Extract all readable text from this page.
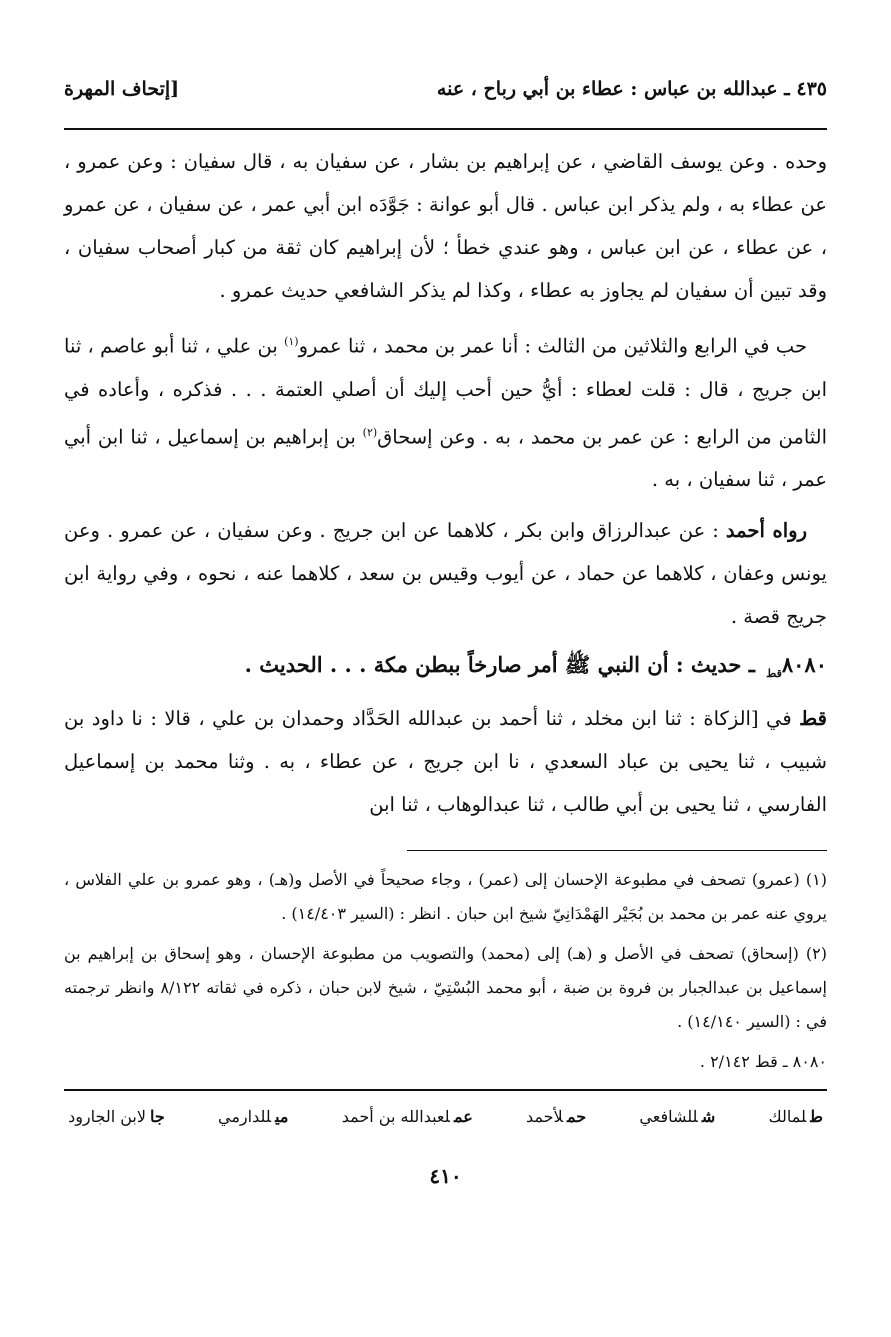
٤٣٥ ـ عبدالله بن عباس : عطاء بن أبي رباح ، عنه
[إتحاف المهرة

وحده . وعن يوسف القاضي ، عن إبراهيم بن بشار ، عن سفيان به ، قال سفيان : وعن عمرو ، عن عطاء به ، ولم يذكر ابن عباس . قال أبو عوانة : جَوَّدَه ابن أبي عمر ، عن سفيان ، عن عمرو ، عن عطاء ، عن ابن عباس ، وهو عندي خطأ ؛ لأن إبراهيم كان ثقة من كبار أصحاب سفيان ، وقد تبين أن سفيان لم يجاوز به عطاء ، وكذا لم يذكر الشافعي حديث عمرو .

حب في الرابع والثلاثين من الثالث : أنا عمر بن محمد ، ثنا عمرو$^{(١)}$ بن علي ، ثنا أبو عاصم ، ثنا ابن جريج ، قال : قلت لعطاء : أيُّ حين أحب إليك أن أصلي العتمة . . . فذكره ، وأعاده في الثامن من الرابع : عن عمر بن محمد ، به . وعن إسحاق$^{(٢)}$ بن إبراهيم بن إسماعيل ، ثنا ابن أبي عمر ، ثنا سفيان ، به .

رواه أحمد : عن عبدالرزاق وابن بكر ، كلاهما عن ابن جريج . وعن سفيان ، عن عمرو . وعن يونس وعفان ، كلاهما عن حماد ، عن أيوب وقيس بن سعد ، كلاهما عنه ، نحوه ، وفي رواية ابن جريج قصة .

$٨٠٨٠_{قط}$ ـ حديث : أن النبي ﷺ أمر صارخاً ببطن مكة . . . الحديث .

قط في [الزكاة : ثنا ابن مخلد ، ثنا أحمد بن عبدالله الحَدَّاد وحمدان بن علي ، قالا : نا داود بن شبيب ، ثنا يحيى بن عباد السعدي ، نا ابن جريج ، عن عطاء ، به . وثنا محمد بن إسماعيل الفارسي ، ثنا يحيى بن أبي طالب ، ثنا عبدالوهاب ، ثنا ابن

(١) (عمرو) تصحف في مطبوعة الإحسان إلى (عمر) ، وجاء صحيحاً في الأصل و(هـ) ، وهو عمرو بن علي الفلاس ، يروي عنه عمر بن محمد بن بُجَيْر الهَمْدَانِيّ شيخ ابن حبان . انظر : (السير ١٤/٤٠٣) .

(٢) (إسحاق) تصحف في الأصل و (هـ) إلى (محمد) والتصويب من مطبوعة الإحسان ، وهو إسحاق بن إبراهيم بن إسماعيل بن عبدالجبار بن فروة بن ضبة ، أبو محمد البُسْتِيّ ، شيخ لابن حبان ، ذكره في ثقاته ٨/١٢٢ وانظر ترجمته في : (السير ١٤/١٤٠) .

٨٠٨٠ ـ قط ٢/١٤٢ .

طلمالك
شللشافعي
حملأحمد
عملعبدالله بن أحمد
ميللدارمي
جالابن الجارود
٤١٠
